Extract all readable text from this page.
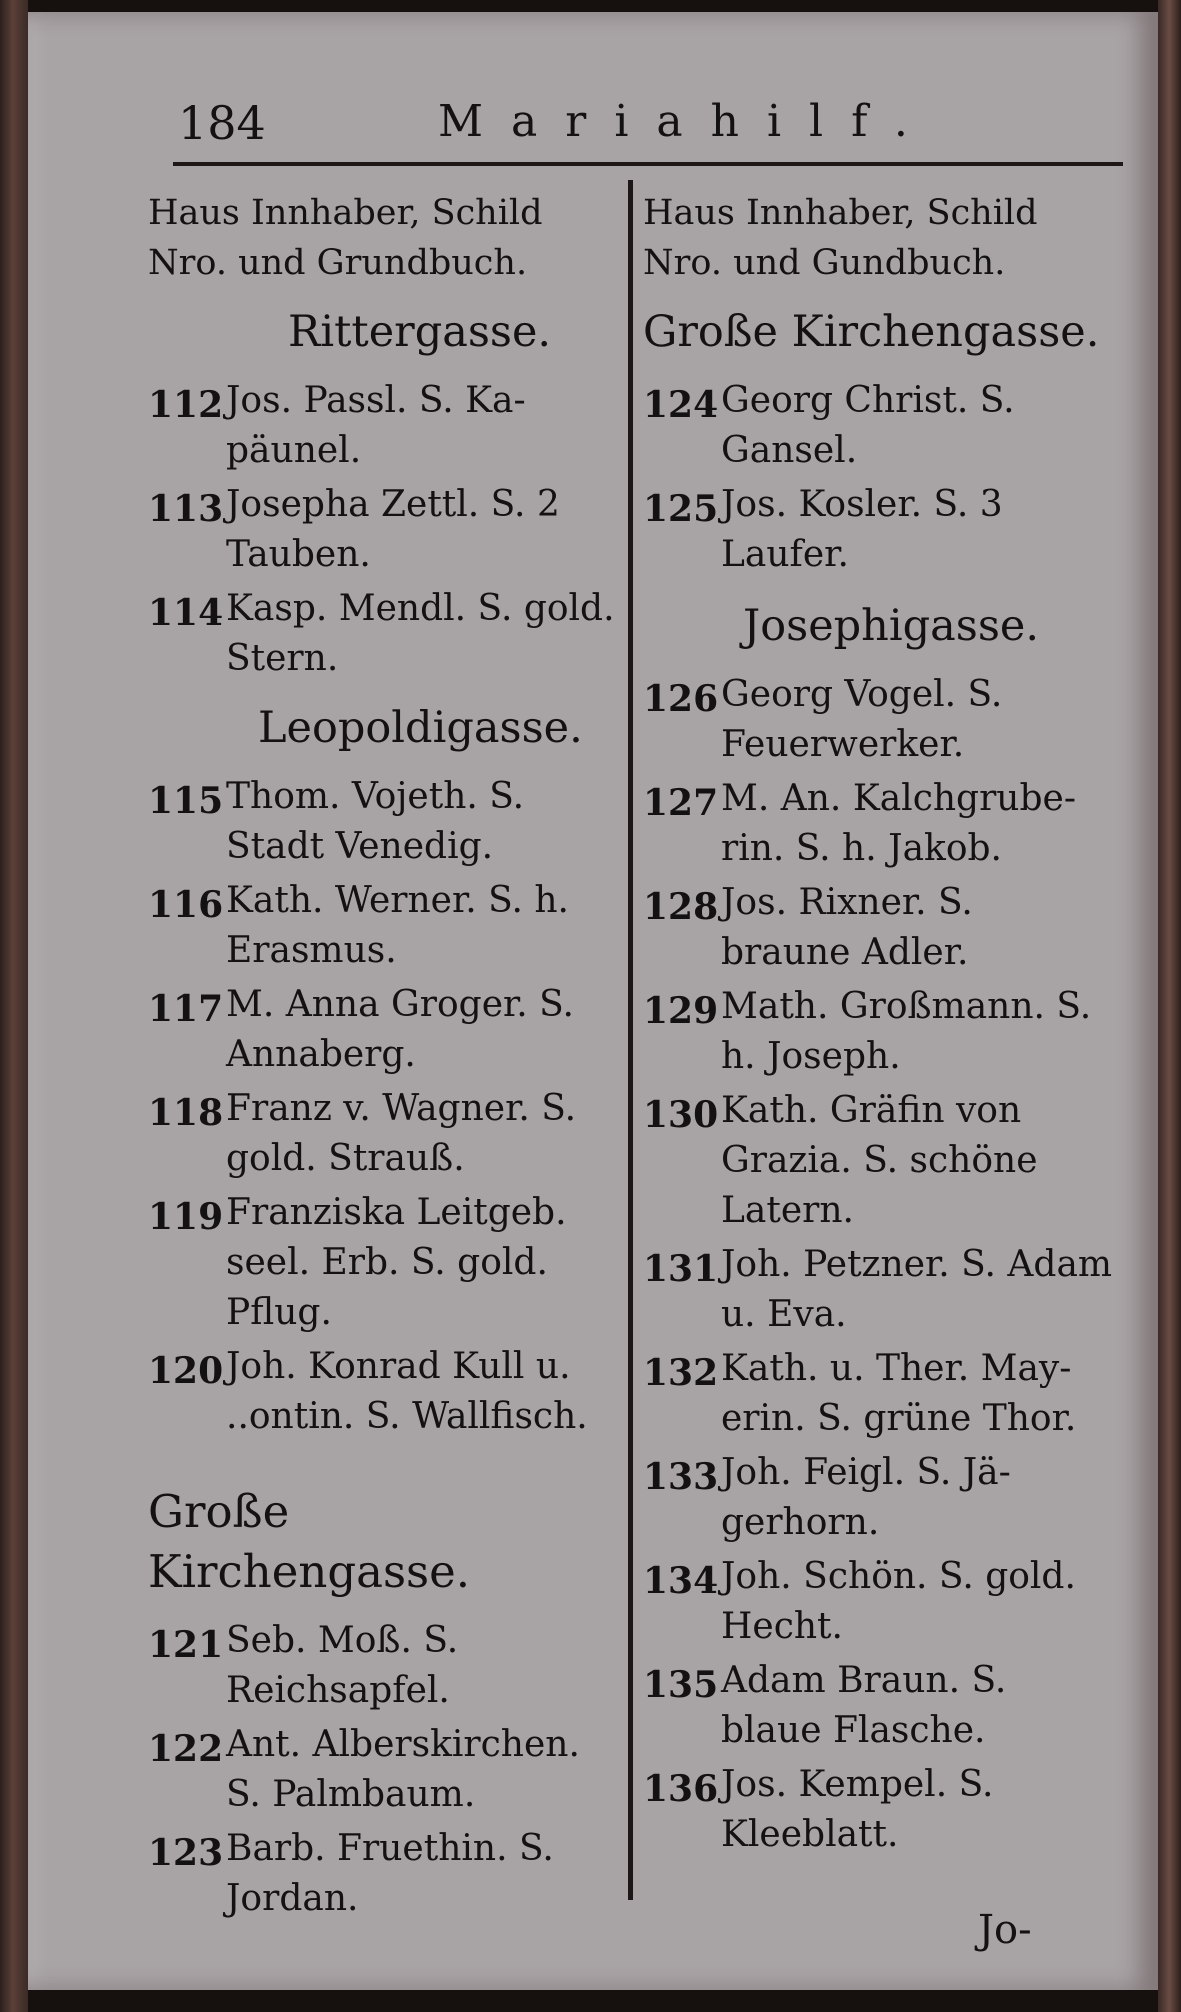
184	Mariahilf.
Haus Innhaber, Schild Nro. und Grundbuch.
Rittergasse.
112 Jos. Passl. S. Kapäunel.
113 Josepha Zettl. S. 2 Tauben.
114 Kasp. Mendl. S. gold. Stern.
Leopoldigasse.
115 Thom. Vojeth. S. Stadt Venedig.
116 Kath. Werner. S. h. Erasmus.
117 M. Anna Groger. S. Annaberg.
118 Franz v. Wagner. S. gold. Strauß.
119 Franziska Leitgeb. seel. Erb. S. gold. Pflug.
120 Joh. Konrad Kull u. ..ontin. S. Wallfisch.
Große Kirchengasse.
121 Seb. Moß. S. Reichsapfel.
122 Ant. Alberskirchen. S. Palmbaum.
123 Barb. Fruethin. S. Jordan.
Haus Innhaber, Schild Nro. und Gundbuch.
Große Kirchengasse.
124 Georg Christ. S. Gansel.
125 Jos. Kosler. S. 3 Laufer.
Josephigasse.
126 Georg Vogel. S. Feuerwerker.
127 M. An. Kalchgruberin. S. h. Jakob.
128 Jos. Rixner. S. braune Adler.
129 Math. Großmann. S. h. Joseph.
130 Kath. Gräfin von Grazia. S. schöne Latern.
131 Joh. Petzner. S. Adam u. Eva.
132 Kath. u. Ther. Mayerin. S. grüne Thor.
133 Joh. Feigl. S. Jägerhorn.
134 Joh. Schön. S. gold. Hecht.
135 Adam Braun. S. blaue Flasche.
136 Jos. Kempel. S. Kleeblatt.
Jo-
